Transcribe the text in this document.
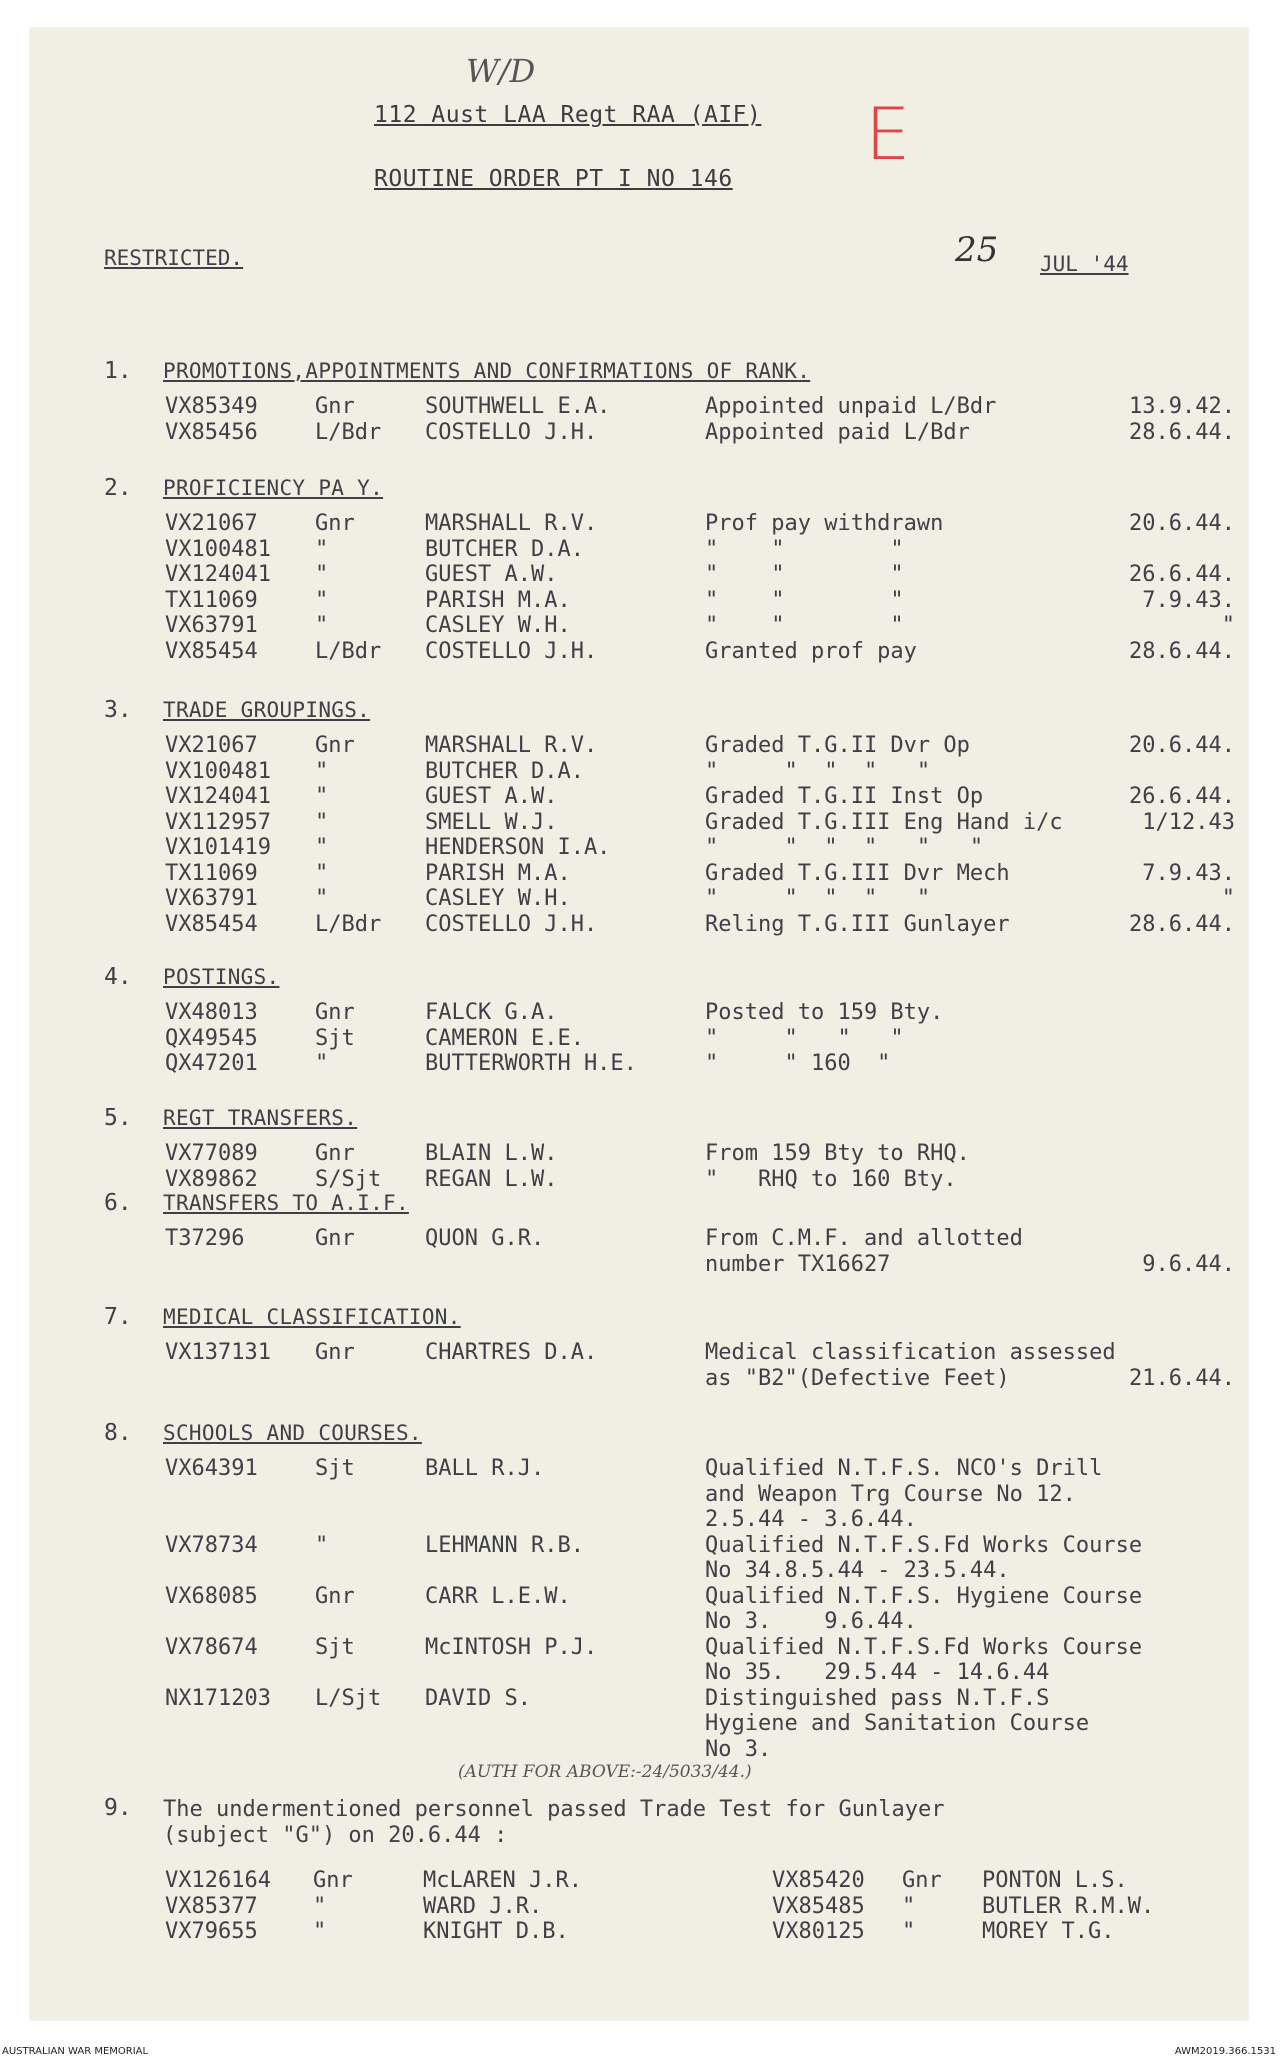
W/D
E
112 Aust LAA Regt RAA (AIF)
ROUTINE ORDER PT I NO 146
RESTRICTED.	25 JUL '44
1. PROMOTIONS,APPOINTMENTS AND CONFIRMATIONS OF RANK.
VX85349	Gnr	SOUTHWELL E.A.	Appointed unpaid L/Bdr	13.9.42.
VX85456	L/Bdr COSTELLO J.H.	Appointed paid L/Bdr	28.6.44.
2. PROFICIENCY PA Y.
VX21067	Gnr	MARSHALL R.V.	Prof pay withdrawn	20.6.44.
VX100481 "	BUTCHER D.A.	"    "        "
VX124041 "	GUEST A.W.	"    "        "	26.6.44.
TX11069	"	PARISH M.A.	"    "        "	7.9.43.
VX63791	"	CASLEY W.H.	"    "        "	"
VX85454	L/Bdr COSTELLO J.H.	Granted prof pay	28.6.44.
3. TRADE GROUPINGS.
VX21067	Gnr	MARSHALL R.V.	Graded T.G.II Dvr Op	20.6.44.
VX100481 "	BUTCHER D.A.	"     "  "  "   "
VX124041 "	GUEST A.W.	Graded T.G.II Inst Op	26.6.44.
VX112957 "	SMELL W.J.	Graded T.G.III Eng Hand i/c	1/12.43
VX101419 "	HENDERSON I.A.	"     "  "  "   "   "
TX11069	"	PARISH M.A.	Graded T.G.III Dvr Mech	7.9.43.
VX63791	"	CASLEY W.H.	"     "  "  "   "	"
VX85454	L/Bdr COSTELLO J.H.	Reling T.G.III Gunlayer	28.6.44.
4. POSTINGS.
VX48013	Gnr	FALCK G.A.	Posted to 159 Bty.
QX49545	Sjt	CAMERON E.E.	"     "   "   "
QX47201	"	BUTTERWORTH H.E.	"     " 160  "
5. REGT TRANSFERS.
VX77089	Gnr	BLAIN L.W.	From 159 Bty to RHQ.
VX89862	S/Sjt REGAN L.W.	"   RHQ to 160 Bty.
6. TRANSFERS TO A.I.F.
T37296	Gnr	QUON G.R.	From C.M.F. and allotted
number TX16627	9.6.44.
7. MEDICAL CLASSIFICATION.
VX137131 Gnr	CHARTRES D.A.	Medical classification assessed
as "B2"(Defective Feet)	21.6.44.
8. SCHOOLS AND COURSES.
VX64391	Sjt	BALL R.J.	Qualified N.T.F.S. NCO's Drill
and Weapon Trg Course No 12.
2.5.44 - 3.6.44.
VX78734	"	LEHMANN R.B.	Qualified N.T.F.S.Fd Works Course
No 34.8.5.44 - 23.5.44.
VX68085	Gnr	CARR L.E.W.	Qualified N.T.F.S. Hygiene Course
No 3.    9.6.44.
VX78674	Sjt	McINTOSH P.J.	Qualified N.T.F.S.Fd Works Course
No 35.   29.5.44 - 14.6.44
NX171203 L/Sjt DAVID S.	Distinguished pass N.T.F.S
Hygiene and Sanitation Course
No 3.
(AUTH FOR ABOVE:-24/5033/44.)
9. The undermentioned personnel passed Trade Test for Gunlayer
(subject "G") on 20.6.44 :
VX126164 Gnr	McLAREN J.R.
VX85377	"	WARD J.R.
VX79655	"	KNIGHT D.B.
VX85420 Gnr PONTON L.S.
VX85485 "	BUTLER R.M.W.
VX80125 "	MOREY T.G.
AUSTRALIAN WAR MEMORIAL	AWM2019.366.1531
